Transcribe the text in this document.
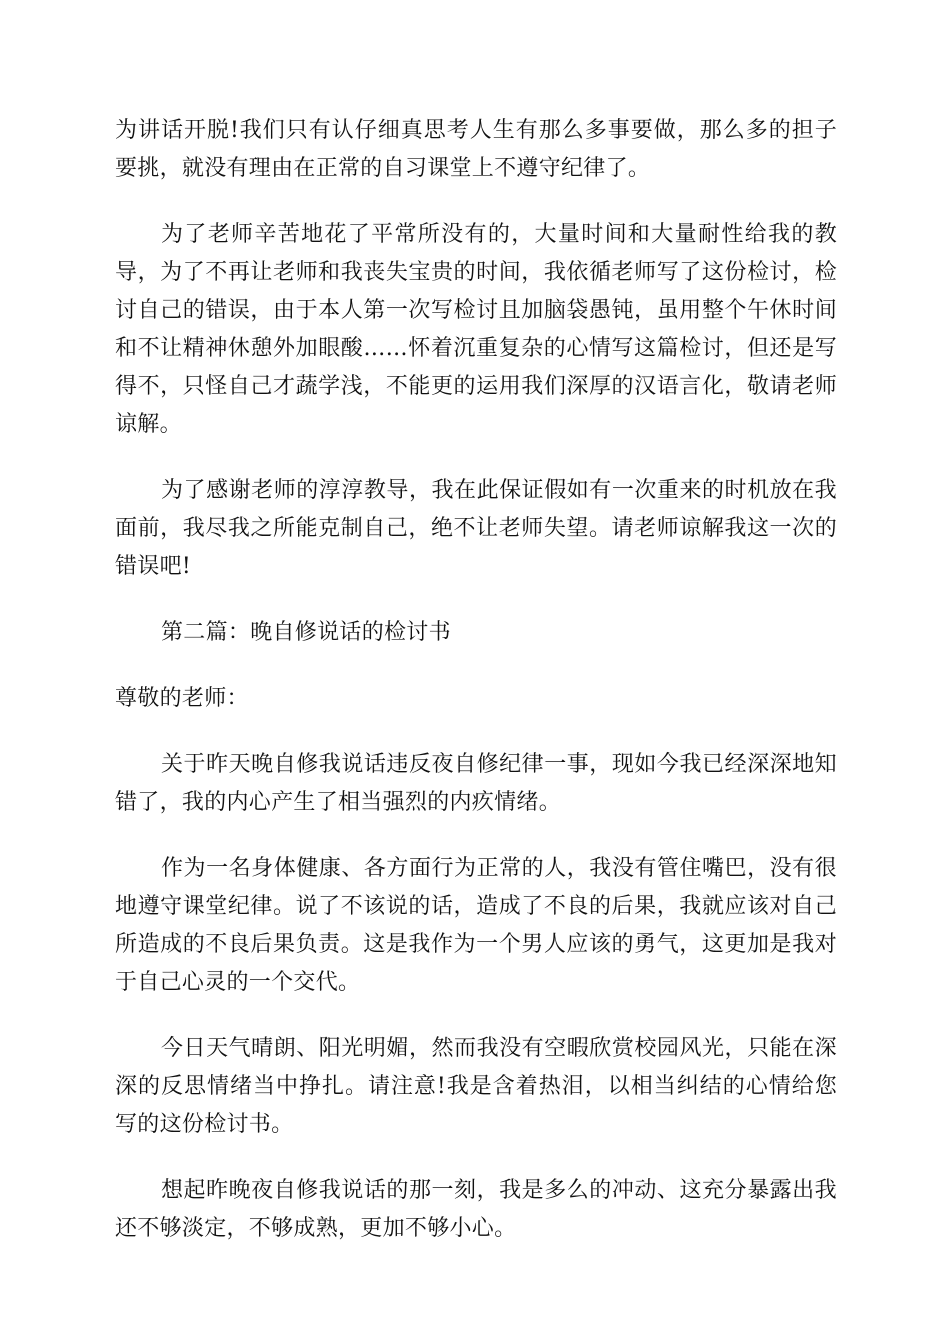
为讲话开脱!我们只有认仔细真思考人生有那么多事要做，那么多的担子要挑，就没有理由在正常的自习课堂上不遵守纪律了。

为了老师辛苦地花了平常所没有的，大量时间和大量耐性给我的教导，为了不再让老师和我丧失宝贵的时间，我依循老师写了这份检讨，检讨自己的错误，由于本人第一次写检讨且加脑袋愚钝，虽用整个午休时间和不让精神休憩外加眼酸……怀着沉重复杂的心情写这篇检讨，但还是写得不，只怪自己才蔬学浅，不能更的运用我们深厚的汉语言化，敬请老师谅解。

为了感谢老师的淳淳教导，我在此保证假如有一次重来的时机放在我面前，我尽我之所能克制自己，绝不让老师失望。请老师谅解我这一次的错误吧!

第二篇：晚自修说话的检讨书

尊敬的老师：

关于昨天晚自修我说话违反夜自修纪律一事，现如今我已经深深地知错了，我的内心产生了相当强烈的内疚情绪。

作为一名身体健康、各方面行为正常的人，我没有管住嘴巴，没有很地遵守课堂纪律。说了不该说的话，造成了不良的后果，我就应该对自己所造成的不良后果负责。这是我作为一个男人应该的勇气，这更加是我对于自己心灵的一个交代。

今日天气晴朗、阳光明媚，然而我没有空暇欣赏校园风光，只能在深深的反思情绪当中挣扎。请注意!我是含着热泪，以相当纠结的心情给您写的这份检讨书。

想起昨晚夜自修我说话的那一刻，我是多么的冲动、这充分暴露出我还不够淡定，不够成熟，更加不够小心。
